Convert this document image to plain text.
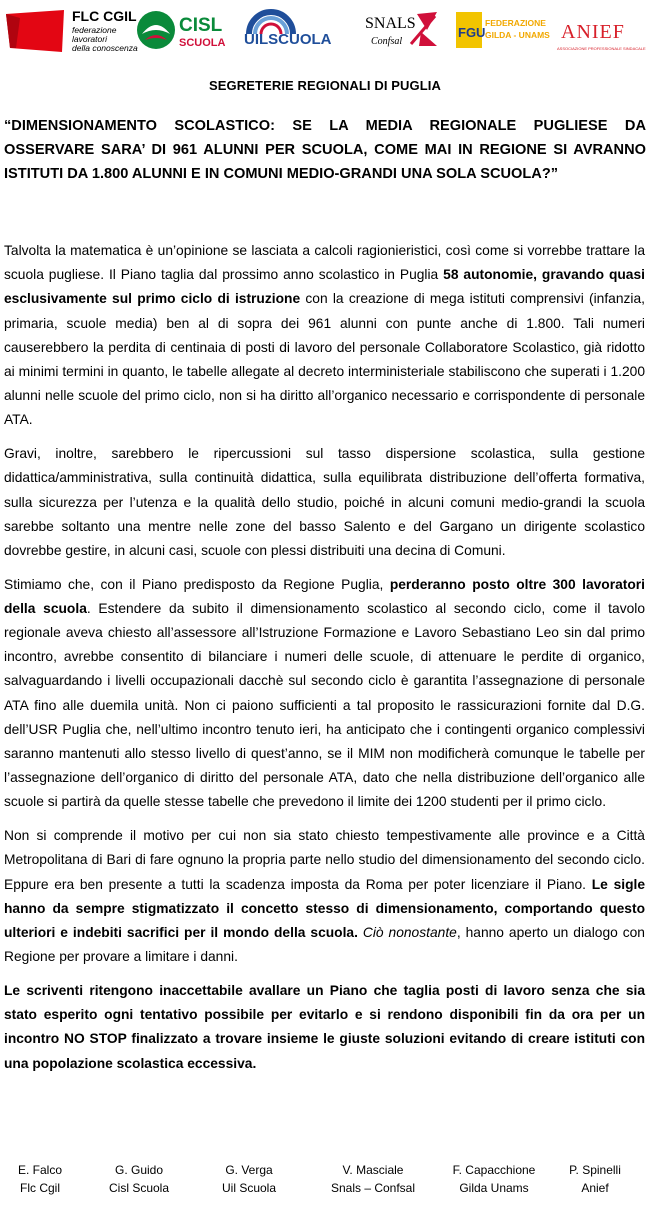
FLC CGIL
federazione
lavoratori
della conoscenza
CISL
SCUOLA UILSCUOLA
SNALS
Confsal
FGU
FEDERAZIONE
GILDA - UNAMS ANIEF
ASSOCIAZIONE PROFESSIONALE SINDACALE
SEGRETERIE REGIONALI DI PUGLIA

“DIMENSIONAMENTO SCOLASTICO: SE LA MEDIA REGIONALE PUGLIESE DA OSSERVARE SARA’ DI 961 ALUNNI PER SCUOLA, COME MAI IN REGIONE SI AVRANNO ISTITUTI DA 1.800 ALUNNI E IN COMUNI MEDIO-GRANDI UNA SOLA SCUOLA?”

Talvolta la matematica è un’opinione se lasciata a calcoli ragionieristici, così come si vorrebbe trattare la scuola pugliese. Il Piano taglia dal prossimo anno scolastico in Puglia 58 autonomie, gravando quasi esclusivamente sul primo ciclo di istruzione con la creazione di mega istituti comprensivi (infanzia, primaria, scuole media) ben al di sopra dei 961 alunni con punte anche di 1.800. Tali numeri causerebbero la perdita di centinaia di posti di lavoro del personale Collaboratore Scolastico, già ridotto ai minimi termini in quanto, le tabelle allegate al decreto interministeriale stabiliscono che superati i 1.200 alunni nelle scuole del primo ciclo, non si ha diritto all’organico necessario e corrispondente di personale ATA.

Gravi, inoltre, sarebbero le ripercussioni sul tasso dispersione scolastica, sulla gestione didattica/amministrativa, sulla continuità didattica, sulla equilibrata distribuzione dell’offerta formativa, sulla sicurezza per l’utenza e la qualità dello studio, poiché in alcuni comuni medio-grandi la scuola sarebbe soltanto una mentre nelle zone del basso Salento e del Gargano un dirigente scolastico dovrebbe gestire, in alcuni casi, scuole con plessi distribuiti una decina di Comuni.

Stimiamo che, con il Piano predisposto da Regione Puglia, perderanno posto oltre 300 lavoratori della scuola. Estendere da subito il dimensionamento scolastico al secondo ciclo, come il tavolo regionale aveva chiesto all’assessore all’Istruzione Formazione e Lavoro Sebastiano Leo sin dal primo incontro, avrebbe consentito di bilanciare i numeri delle scuole, di attenuare le perdite di organico, salvaguardando i livelli occupazionali dacchè sul secondo ciclo è garantita l’assegnazione di personale ATA fino alle duemila unità. Non ci paiono sufficienti a tal proposito le rassicurazioni fornite dal D.G. dell’USR Puglia che, nell’ultimo incontro tenuto ieri, ha anticipato che i contingenti organico complessivi saranno mantenuti allo stesso livello di quest’anno, se il MIM non modificherà comunque le tabelle per l’assegnazione dell’organico di diritto del personale ATA, dato che nella distribuzione dell’organico alle scuole si partirà da quelle stesse tabelle che prevedono il limite dei 1200 studenti per il primo ciclo.

Non si comprende il motivo per cui non sia stato chiesto tempestivamente alle province e a Città Metropolitana di Bari di fare ognuno la propria parte nello studio del dimensionamento del secondo ciclo. Eppure era ben presente a tutti la scadenza imposta da Roma per poter licenziare il Piano. Le sigle hanno da sempre stigmatizzato il concetto stesso di dimensionamento, comportando questo ulteriori e indebiti sacrifici per il mondo della scuola. Ciò nonostante, hanno aperto un dialogo con Regione per provare a limitare i danni.

Le scriventi ritengono inaccettabile avallare un Piano che taglia posti di lavoro senza che sia stato esperito ogni tentativo possibile per evitarlo e si rendono disponibili fin da ora per un incontro NO STOP finalizzato a trovare insieme le giuste soluzioni evitando di creare istituti con una popolazione scolastica eccessiva.

E. Falco
Flc Cgil
G. Guido
Cisl Scuola
G. Verga
Uil Scuola
V. Masciale
Snals – Confsal
F. Capacchione
Gilda Unams
P. Spinelli
Anief
